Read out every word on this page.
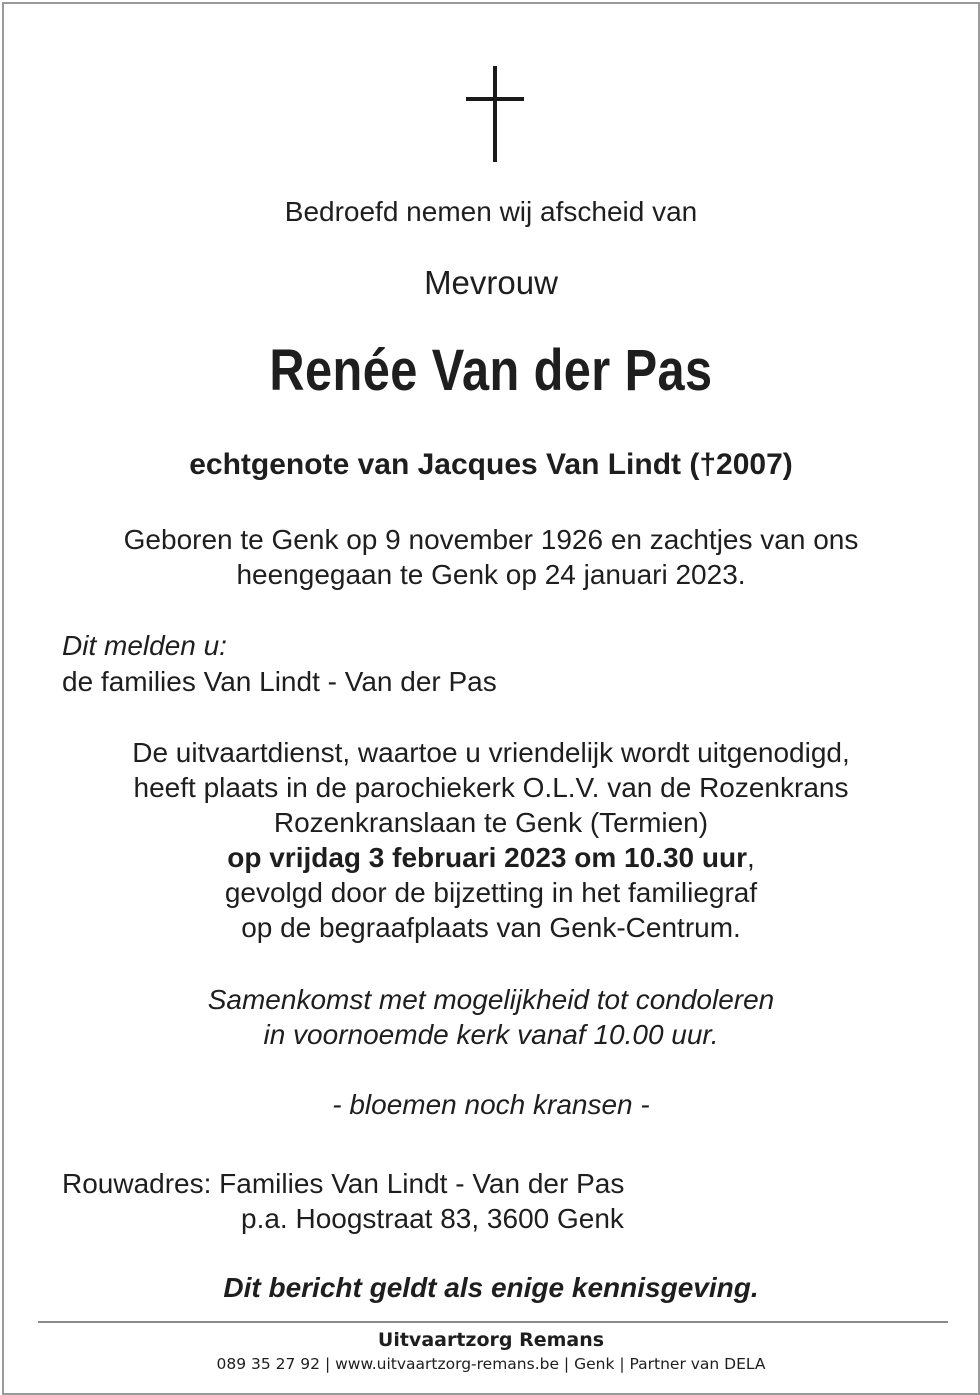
Bedroefd nemen wij afscheid van
Mevrouw
Renée Van der Pas
echtgenote van Jacques Van Lindt (†2007)
Geboren te Genk op 9 november 1926 en zachtjes van ons
heengegaan te Genk op 24 januari 2023.
Dit melden u:
de families Van Lindt - Van der Pas
De uitvaartdienst, waartoe u vriendelijk wordt uitgenodigd,
heeft plaats in de parochiekerk O.L.V. van de Rozenkrans
Rozenkranslaan te Genk (Termien)
op vrijdag 3 februari 2023 om 10.30 uur,
gevolgd door de bijzetting in het familiegraf
op de begraafplaats van Genk-Centrum.
Samenkomst met mogelijkheid tot condoleren
in voornoemde kerk vanaf 10.00 uur.
- bloemen noch kransen -
Rouwadres: Families Van Lindt - Van der Pas
p.a. Hoogstraat 83, 3600 Genk
Dit bericht geldt als enige kennisgeving.
Uitvaartzorg Remans
089 35 27 92 | www.uitvaartzorg-remans.be | Genk | Partner van DELA
